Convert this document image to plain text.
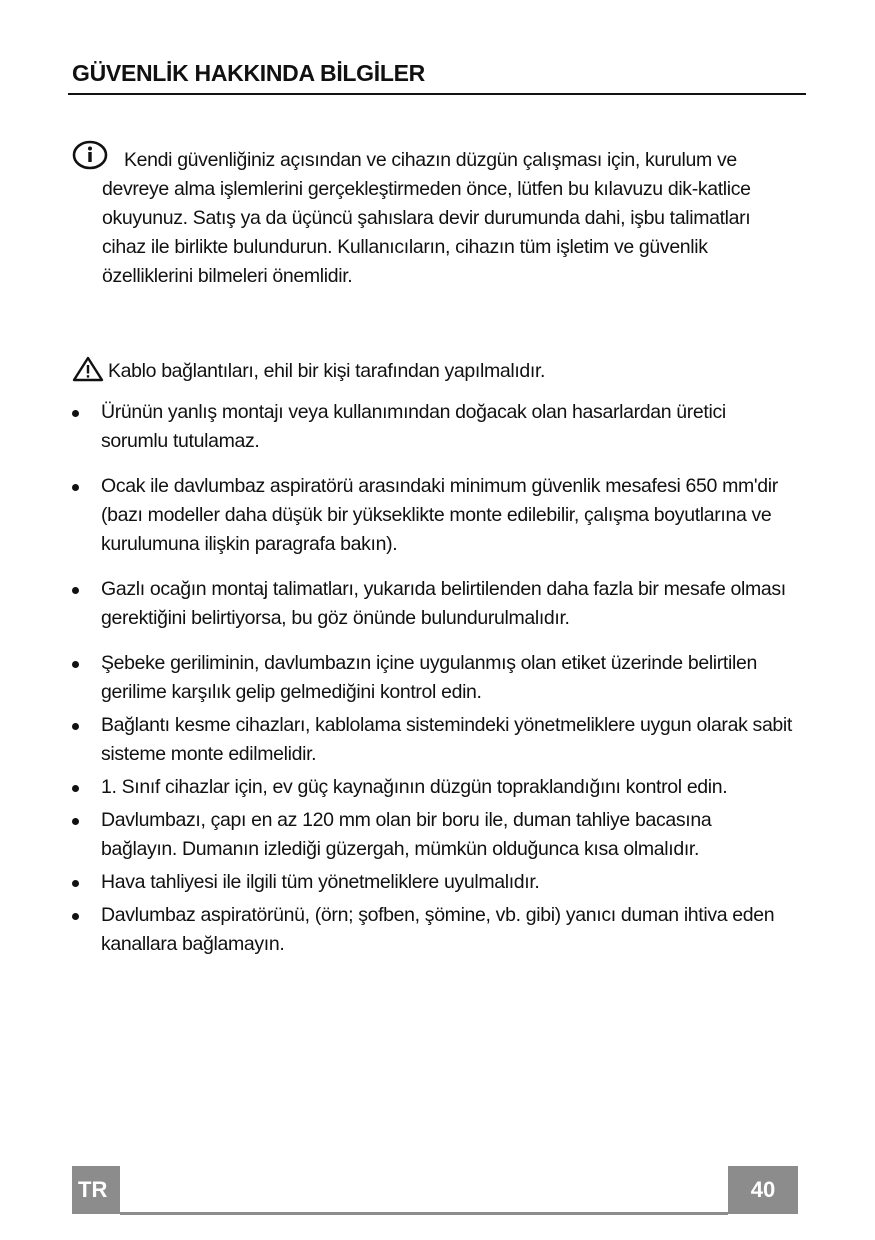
GÜVENLİK HAKKINDA BİLGİLER

Kendi güvenliğiniz açısından ve cihazın düzgün çalışması için, kurulum ve devreye alma işlemlerini gerçekleştirmeden önce, lütfen bu kılavuzu dik-katlice okuyunuz. Satış ya da üçüncü şahıslara devir durumunda dahi, işbu talimatları cihaz ile birlikte bulundurun. Kullanıcıların, cihazın tüm işletim ve güvenlik özelliklerini bilmeleri önemlidir.

Kablo bağlantıları, ehil bir kişi tarafından yapılmalıdır.

Ürünün yanlış montajı veya kullanımından doğacak olan hasarlardan üretici sorumlu tutulamaz.
Ocak ile davlumbaz aspiratörü arasındaki minimum güvenlik mesafesi 650 mm'dir (bazı modeller daha düşük bir yükseklikte monte edilebilir, çalışma boyutlarına ve kurulumuna ilişkin paragrafa bakın).
Gazlı ocağın montaj talimatları, yukarıda belirtilenden daha fazla bir mesafe olması gerektiğini belirtiyorsa, bu göz önünde bulundurulmalıdır.
Şebeke geriliminin, davlumbazın içine uygulanmış olan etiket üzerinde belirtilen gerilime karşılık gelip gelmediğini kontrol edin.
Bağlantı kesme cihazları, kablolama sistemindeki yönetmeliklere uygun olarak sabit sisteme monte edilmelidir.
1. Sınıf cihazlar için, ev güç kaynağının düzgün topraklandığını kontrol edin.
Davlumbazı, çapı en az 120 mm olan bir boru ile, duman tahliye bacasına bağlayın. Dumanın izlediği güzergah, mümkün olduğunca kısa olmalıdır.
Hava tahliyesi ile ilgili tüm yönetmeliklere uyulmalıdır.
Davlumbaz aspiratörünü, (örn; şofben, şömine, vb. gibi) yanıcı duman ihtiva eden kanallara bağlamayın.
TR	40
